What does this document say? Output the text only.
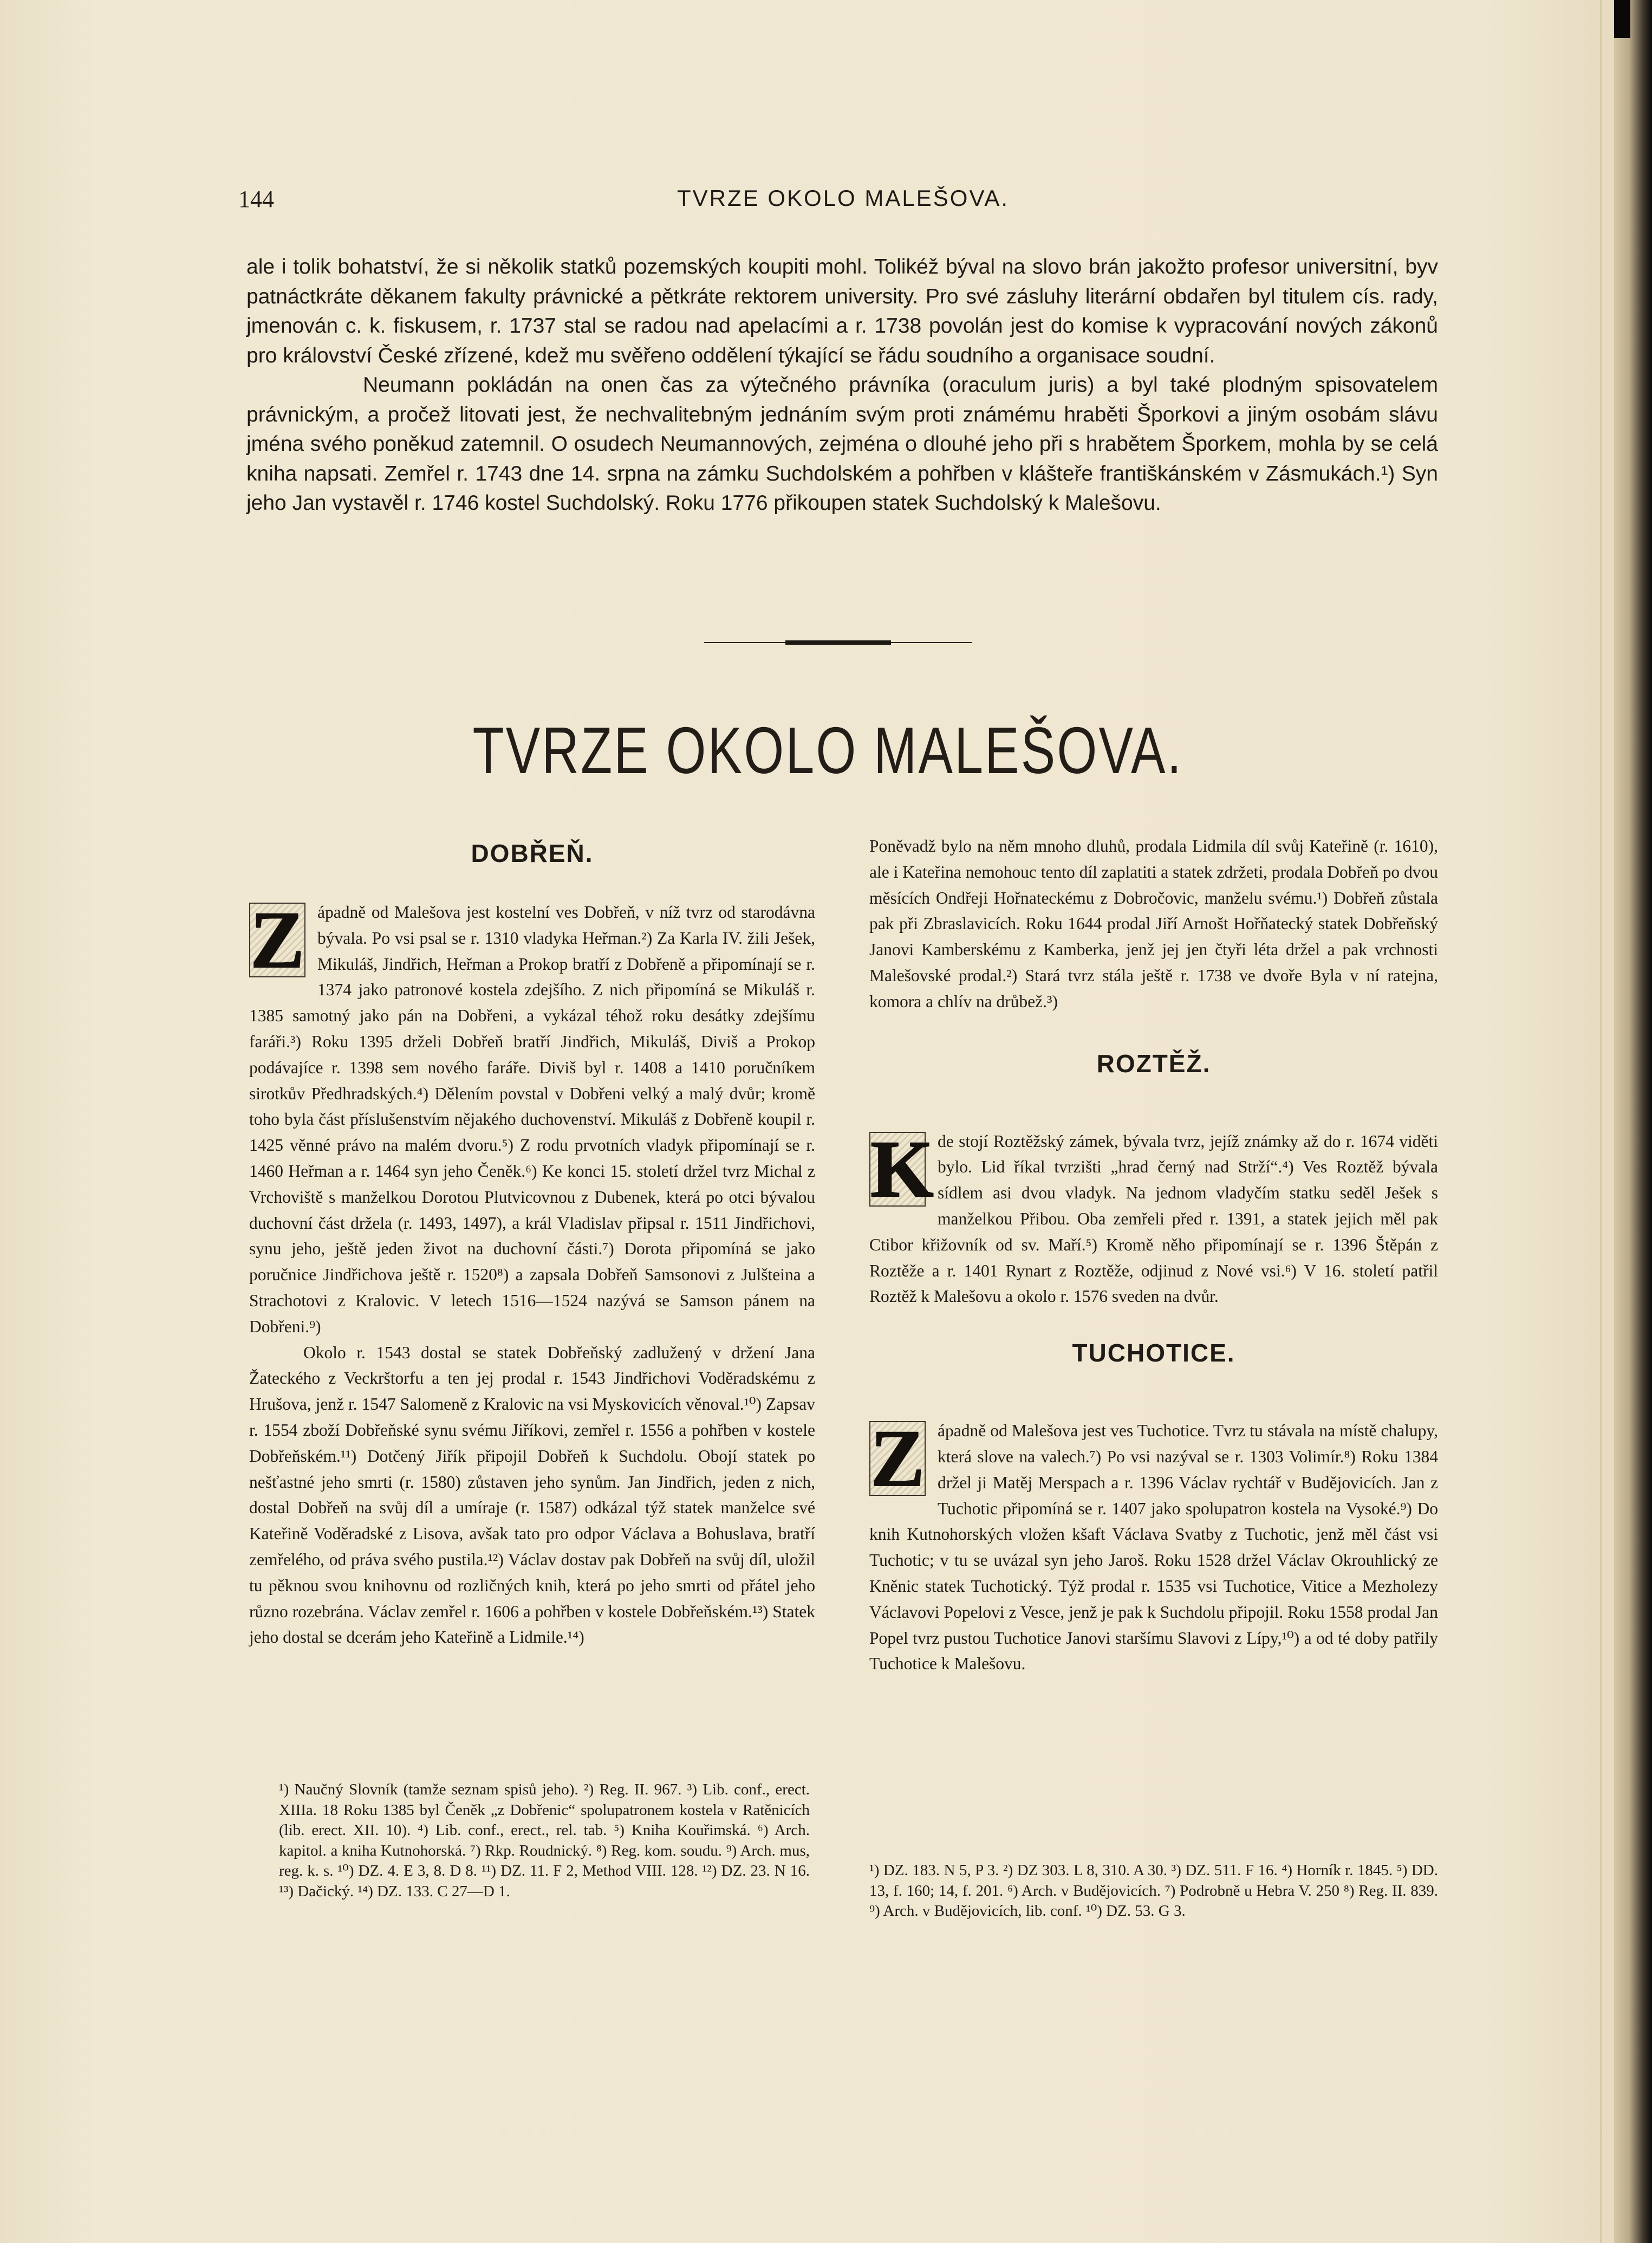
144	TVRZE OKOLO MALEŠOVA.

ale i tolik bohatství, že si několik statků pozemských koupiti mohl. Tolikéž býval na slovo brán jakožto profesor universitní, byv patnáctkráte děkanem fakulty právnické a pětkráte rektorem university. Pro své zásluhy literární obdařen byl titulem cís. rady, jmenován c. k. fiskusem, r. 1737 stal se radou nad apelacími a r. 1738 povolán jest do komise k vypracování nových zákonů pro království České zřízené, kdež mu svěřeno oddělení týkající se řádu soudního a organisace soudní.

Neumann pokládán na onen čas za výtečného právníka (oraculum juris) a byl také plodným spisovatelem právnickým, a pročež litovati jest, že nechvalitebným jednáním svým proti známému hraběti Šporkovi a jiným osobám slávu jména svého poněkud zatemnil. O osudech Neumannových, zejména o dlouhé jeho při s hrabětem Šporkem, mohla by se celá kniha napsati. Zemřel r. 1743 dne 14. srpna na zámku Suchdolském a pohřben v klášteře františkánském v Zásmukách.¹) Syn jeho Jan vystavěl r. 1746 kostel Suchdolský. Roku 1776 přikoupen statek Suchdolský k Malešovu.

TVRZE OKOLO MALEŠOVA.
DOBŘEŇ.

Z ápadně od Malešova jest kostelní ves Dobřeň, v níž tvrz od starodávna bývala. Po vsi psal se r. 1310 vladyka Heřman.²) Za Karla IV. žili Ješek, Mikuláš, Jindřich, Heřman a Prokop bratří z Dobřeně a připomínají se r. 1374 jako patronové kostela zdejšího. Z nich připomíná se Mikuláš r. 1385 samotný jako pán na Dobřeni, a vykázal téhož roku desátky zdejšímu faráři.³) Roku 1395 drželi Dobřeň bratří Jindřich, Mikuláš, Diviš a Prokop podávajíce r. 1398 sem nového faráře. Diviš byl r. 1408 a 1410 poručníkem sirotkův Předhradských.⁴) Dělením povstal v Dobřeni velký a malý dvůr; kromě toho byla část příslušenstvím nějakého duchovenství. Mikuláš z Dobřeně koupil r. 1425 věnné právo na malém dvoru.⁵) Z rodu prvotních vladyk připomínají se r. 1460 Heřman a r. 1464 syn jeho Čeněk.⁶) Ke konci 15. století držel tvrz Michal z Vrchoviště s manželkou Dorotou Plutvicovnou z Dubenek, která po otci bývalou duchovní část držela (r. 1493, 1497), a král Vladislav připsal r. 1511 Jindřichovi, synu jeho, ještě jeden život na duchovní části.⁷) Dorota připomíná se jako poručnice Jindřichova ještě r. 1520⁸) a zapsala Dobřeň Samsonovi z Julšteina a Strachotovi z Kralovic. V letech 1516—1524 nazývá se Samson pánem na Dobřeni.⁹)

Okolo r. 1543 dostal se statek Dobřeňský zadlužený v držení Jana Žateckého z Veckrštorfu a ten jej prodal r. 1543 Jindřichovi Voděradskému z Hrušova, jenž r. 1547 Salomeně z Kralovic na vsi Myskovicích věnoval.¹⁰) Zapsav r. 1554 zboží Dobřeňské synu svému Jiříkovi, zemřel r. 1556 a pohřben v kostele Dobřeňském.¹¹) Dotčený Jiřík připojil Dobřeň k Suchdolu. Obojí statek po nešťastné jeho smrti (r. 1580) zůstaven jeho synům. Jan Jindřich, jeden z nich, dostal Dobřeň na svůj díl a umíraje (r. 1587) odkázal týž statek manželce své Kateřině Voděradské z Lisova, avšak tato pro odpor Václava a Bohuslava, bratří zemřelého, od práva svého pustila.¹²) Václav dostav pak Dobřeň na svůj díl, uložil tu pěknou svou knihovnu od rozličných knih, která po jeho smrti od přátel jeho různo rozebrána. Václav zemřel r. 1606 a pohřben v kostele Dobřeňském.¹³) Statek jeho dostal se dcerám jeho Kateřině a Lidmile.¹⁴)

¹) Naučný Slovník (tamže seznam spisů jeho). ²) Reg. II. 967. ³) Lib. conf., erect. XIIIa. 18 Roku 1385 byl Čeněk „z Dobřenic“ spolupatronem kostela v Ratěnicích (lib. erect. XII. 10). ⁴) Lib. conf., erect., rel. tab. ⁵) Kniha Kouřimská. ⁶) Arch. kapitol. a kniha Kutnohorská. ⁷) Rkp. Roudnický. ⁸) Reg. kom. soudu. ⁹) Arch. mus, reg. k. s. ¹⁰) DZ. 4. E 3, 8. D 8. ¹¹) DZ. 11. F 2, Method VIII. 128. ¹²) DZ. 23. N 16. ¹³) Dačický. ¹⁴) DZ. 133. C 27—D 1.

Poněvadž bylo na něm mnoho dluhů, prodala Lidmila díl svůj Kateřině (r. 1610), ale i Kateřina nemohouc tento díl zaplatiti a statek zdržeti, prodala Dobřeň po dvou měsících Ondřeji Hořnateckému z Dobročovic, manželu svému.¹) Dobřeň zůstala pak při Zbraslavicích. Roku 1644 prodal Jiří Arnošt Hořňatecký statek Dobřeňský Janovi Kamberskému z Kamberka, jenž jej jen čtyři léta držel a pak vrchnosti Malešovské prodal.²) Stará tvrz stála ještě r. 1738 ve dvoře Byla v ní ratejna, komora a chlív na drůbež.³)

ROZTĚŽ.

K de stojí Roztěžský zámek, bývala tvrz, jejíž známky až do r. 1674 viděti bylo. Lid říkal tvrzišti „hrad černý nad Strží“.⁴) Ves Roztěž bývala sídlem asi dvou vladyk. Na jednom vladyčím statku seděl Ješek s manželkou Přibou. Oba zemřeli před r. 1391, a statek jejich měl pak Ctibor křižovník od sv. Maří.⁵) Kromě něho připomínají se r. 1396 Štěpán z Roztěže a r. 1401 Rynart z Roztěže, odjinud z Nové vsi.⁶) V 16. století patřil Roztěž k Malešovu a okolo r. 1576 sveden na dvůr.

TUCHOTICE.

Z ápadně od Malešova jest ves Tuchotice. Tvrz tu stávala na místě chalupy, která slove na valech.⁷) Po vsi nazýval se r. 1303 Volimír.⁸) Roku 1384 držel ji Matěj Merspach a r. 1396 Václav rychtář v Budějovicích. Jan z Tuchotic připomíná se r. 1407 jako spolupatron kostela na Vysoké.⁹) Do knih Kutnohorských vložen kšaft Václava Svatby z Tuchotic, jenž měl část vsi Tuchotic; v tu se uvázal syn jeho Jaroš. Roku 1528 držel Václav Okrouhlický ze Kněnic statek Tuchotický. Týž prodal r. 1535 vsi Tuchotice, Vitice a Mezholezy Václavovi Popelovi z Vesce, jenž je pak k Suchdolu připojil. Roku 1558 prodal Jan Popel tvrz pustou Tuchotice Janovi staršímu Slavovi z Lípy,¹⁰) a od té doby patřily Tuchotice k Malešovu.

¹) DZ. 183. N 5, P 3. ²) DZ 303. L 8, 310. A 30. ³) DZ. 511. F 16. ⁴) Horník r. 1845. ⁵) DD. 13, f. 160; 14, f. 201. ⁶) Arch. v Budějovicích. ⁷) Podrobně u Hebra V. 250 ⁸) Reg. II. 839. ⁹) Arch. v Budějovicích, lib. conf. ¹⁰) DZ. 53. G 3.
